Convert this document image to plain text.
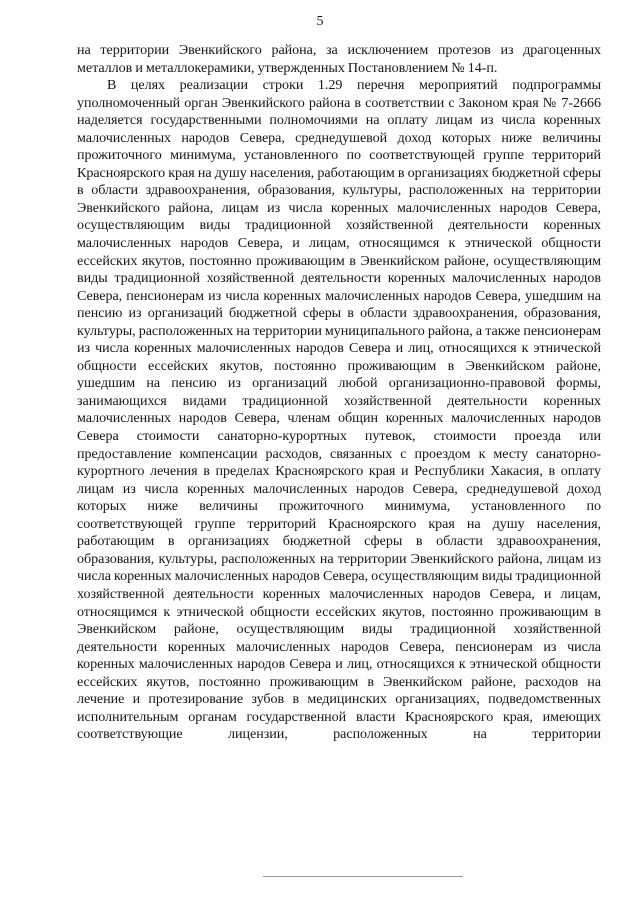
5

на территории Эвенкийского района, за исключением протезов из драгоценных металлов и металлокерамики, утвержденных Постановлением № 14-п.

В целях реализации строки 1.29 перечня мероприятий подпрограммы уполномоченный орган Эвенкийского района в соответствии с Законом края № 7-2666 наделяется государственными полномочиями на оплату лицам из числа коренных малочисленных народов Севера, среднедушевой доход которых ниже величины прожиточного минимума, установленного по соответствующей группе территорий Красноярского края на душу населения, работающим в организациях бюджетной сферы в области здравоохранения, образования, культуры, расположенных на территории Эвенкийского района, лицам из числа коренных малочисленных народов Севера, осуществляющим виды традиционной хозяйственной деятельности коренных малочисленных народов Севера, и лицам, относящимся к этнической общности ессейских якутов, постоянно проживающим в Эвенкийском районе, осуществляющим виды традиционной хозяйственной деятельности коренных малочисленных народов Севера, пенсионерам из числа коренных малочисленных народов Севера, ушедшим на пенсию из организаций бюджетной сферы в области здравоохранения, образования, культуры, расположенных на территории муниципального района, а также пенсионерам из числа коренных малочисленных народов Севера и лиц, относящихся к этнической общности ессейских якутов, постоянно проживающим в Эвенкийском районе, ушедшим на пенсию из организаций любой организационно-правовой формы, занимающихся видами традиционной хозяйственной деятельности коренных малочисленных народов Севера, членам общин коренных малочисленных народов Севера стоимости санаторно-курортных путевок, стоимости проезда или предоставление компенсации расходов, связанных с проездом к месту санаторно-курортного лечения в пределах Красноярского края и Республики Хакасия, в оплату лицам из числа коренных малочисленных народов Севера, среднедушевой доход которых ниже величины прожиточного минимума, установленного по соответствующей группе территорий Красноярского края на душу населения, работающим в организациях бюджетной сферы в области здравоохранения, образования, культуры, расположенных на территории Эвенкийского района, лицам из числа коренных малочисленных народов Севера, осуществляющим виды традиционной хозяйственной деятельности коренных малочисленных народов Севера, и лицам, относящимся к этнической общности ессейских якутов, постоянно проживающим в Эвенкийском районе, осуществляющим виды традиционной хозяйственной деятельности коренных малочисленных народов Севера, пенсионерам из числа коренных малочисленных народов Севера и лиц, относящихся к этнической общности ессейских якутов, постоянно проживающим в Эвенкийском районе, расходов на лечение и протезирование зубов в медицинских организациях, подведомственных исполнительным органам государственной власти Красноярского края, имеющих соответствующие лицензии, расположенных на территории
